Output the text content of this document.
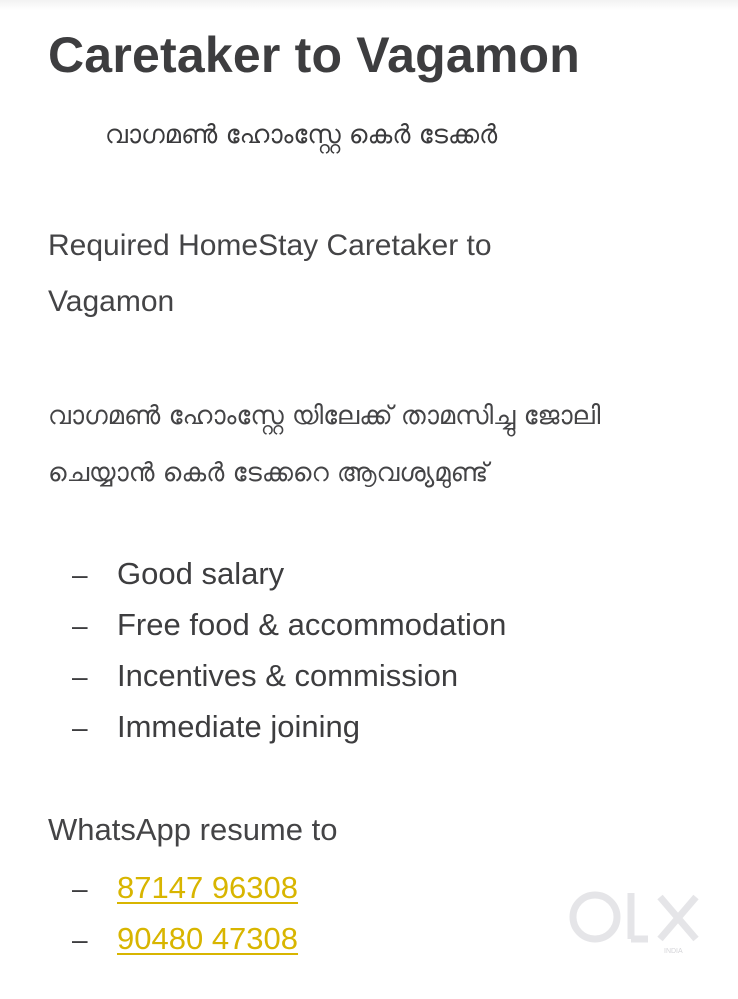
Caretaker to Vagamon
വാഗമൺ ഹോംസ്റ്റേ കെർ ടേക്കർ

Required HomeStay Caretaker to Vagamon

വാഗമൺ ഹോംസ്റ്റേ യിലേക്ക് താമസിച്ചു ജോലി ചെയ്യാൻ കെർ ടേക്കറെ ആവശ്യമുണ്ട്

– Good salary
– Free food & accommodation
– Incentives & commission
– Immediate joining
WhatsApp resume to
– 87147 96308
– 90480 47308	INDIA
